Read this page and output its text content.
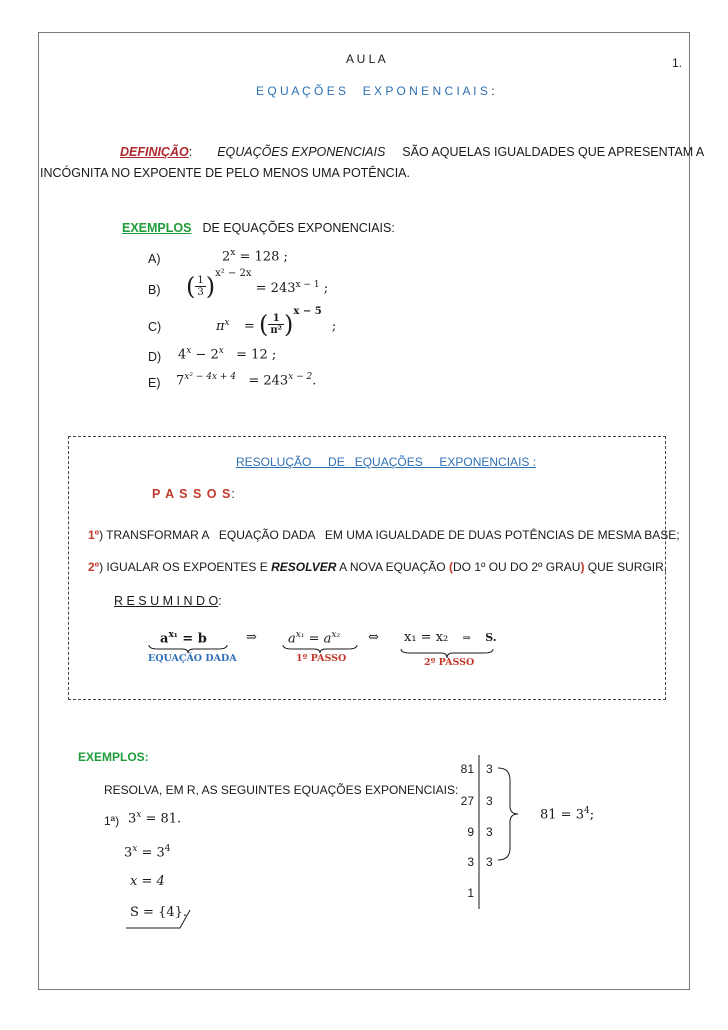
A U L A	1.
E Q U A Ç Õ E S     E X P O N E N C I A I S :
DEFINIÇÃO: EQUAÇÕES EXPONENCIAIS SÃO AQUELAS IGUALDADES QUE APRESENTAM A
INCÓGNITA NO EXPOENTE DE PELO MENOS UMA POTÊNCIA.
EXEMPLOS DE EQUAÇÕES EXPONENCIAIS:
A)	$2^x = 128$ ;
B) ( $\frac{1}{3} )^{x^2 - 2x} = 243^{x - 1}$ ;
C)	$\pi^x$ = ( $\frac{1}{\text{π²}} )^{x - 5}$ ;
D) $4^x - 2^x = 12$ ;
E) $7^{x^2 - 4x + 4} = 243^{x - 2}$.
RESOLUÇÃO     DE   EQUAÇÕES     EXPONENCIAIS :
P A S S O S:
1º) TRANSFORMAR A   EQUAÇÃO DADA   EM UMA IGUALDADE DE DUAS POTÊNCIAS DE MESMA BASE;
2º) IGUALAR OS EXPOENTES E RESOLVER A NOVA EQUAÇÃO (DO 1º OU DO 2º GRAU) QUE SURGIR.
R E S U M I N D O:
$a^{x_1} = b$
EQUAÇÃO DADA
⇒ $a^{x_1} = a^{x_2}$
1º PASSO
⇔ x₁ = x₂ ⇒ S.
2º PASSO
EXEMPLOS:
RESOLVA, EM R, AS SEGUINTES EQUAÇÕES EXPONENCIAIS:
1ª) $3^x = 81$.
$3^x = 3^4$
x = 4
S = {4}.
81 3
27 3
9 3
3 3
1
$81 = 3^4$;
